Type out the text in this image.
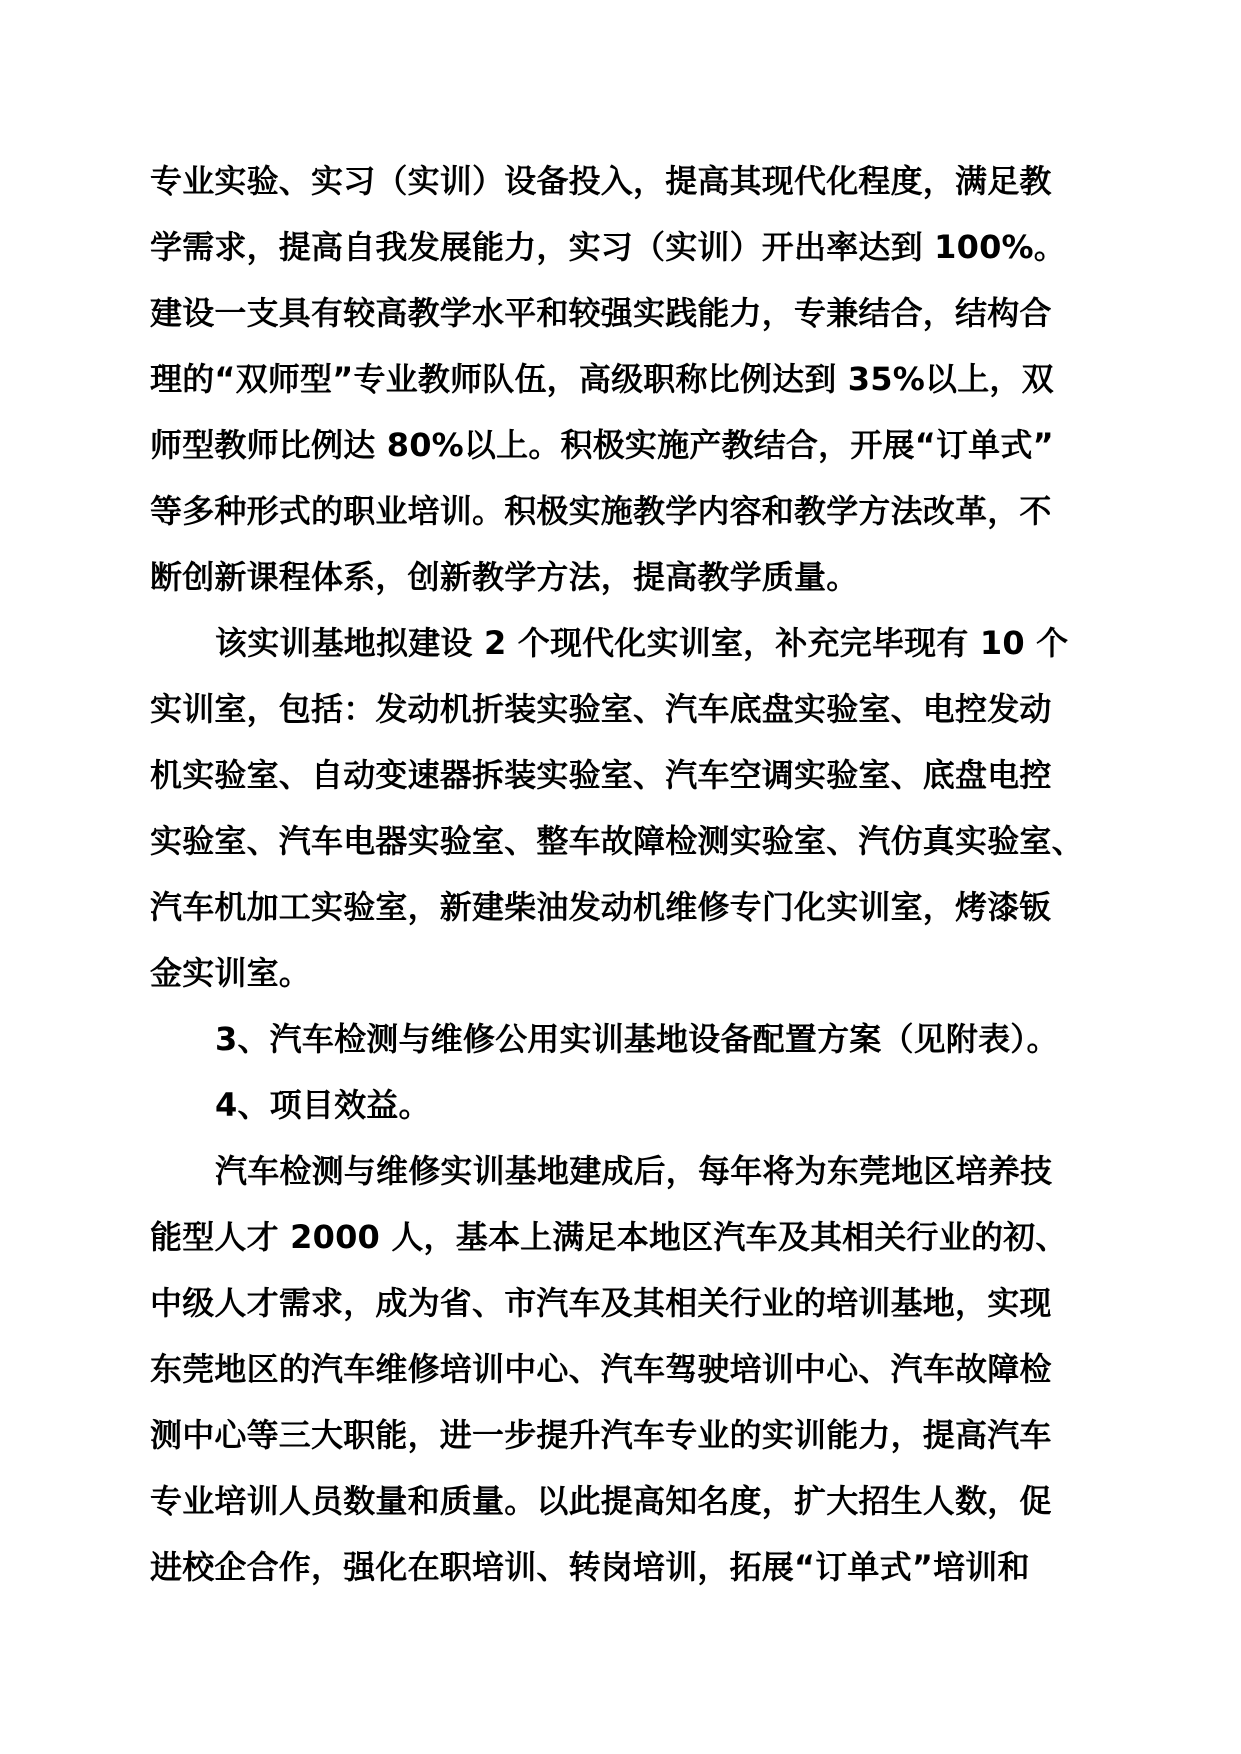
专业实验、实习（实训）设备投入，提高其现代化程度，满足教
学需求，提高自我发展能力，实习（实训）开出率达到 100%。
建设一支具有较高教学水平和较强实践能力，专兼结合，结构合
理的“双师型”专业教师队伍，高级职称比例达到 35%以上，双
师型教师比例达 80%以上。积极实施产教结合，开展“订单式”
等多种形式的职业培训。积极实施教学内容和教学方法改革，不
断创新课程体系，创新教学方法，提高教学质量。
该实训基地拟建设 2 个现代化实训室，补充完毕现有 10 个
实训室，包括：发动机折装实验室、汽车底盘实验室、电控发动
机实验室、自动变速器拆装实验室、汽车空调实验室、底盘电控
实验室、汽车电器实验室、整车故障检测实验室、汽仿真实验室、
汽车机加工实验室，新建柴油发动机维修专门化实训室，烤漆钣
金实训室。
3、汽车检测与维修公用实训基地设备配置方案（见附表）。
4、项目效益。
汽车检测与维修实训基地建成后，每年将为东莞地区培养技
能型人才 2000 人，基本上满足本地区汽车及其相关行业的初、
中级人才需求，成为省、市汽车及其相关行业的培训基地，实现
东莞地区的汽车维修培训中心、汽车驾驶培训中心、汽车故障检
测中心等三大职能，进一步提升汽车专业的实训能力，提高汽车
专业培训人员数量和质量。以此提高知名度，扩大招生人数，促
进校企合作，强化在职培训、转岗培训，拓展“订单式”培训和
